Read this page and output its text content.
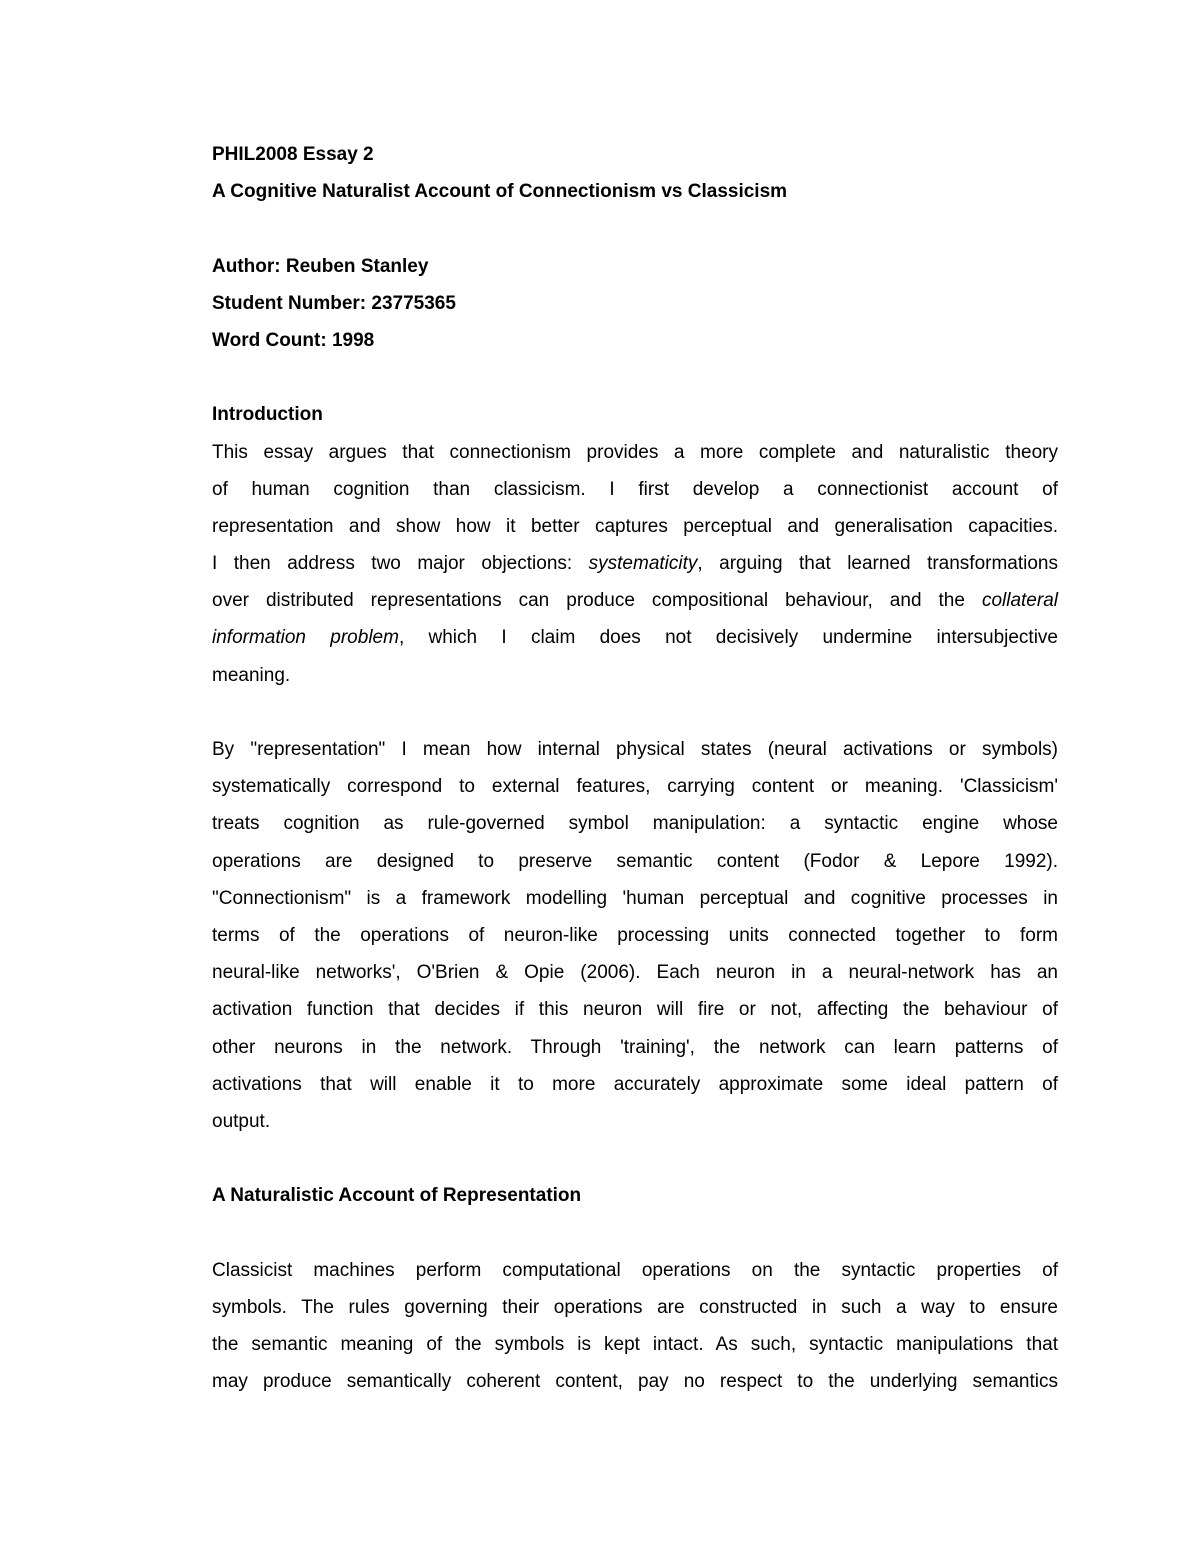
PHIL2008 Essay 2
A Cognitive Naturalist Account of Connectionism vs Classicism
Author: Reuben Stanley
Student Number: 23775365
Word Count: 1998
Introduction
This essay argues that connectionism provides a more complete and naturalistic theory
of human cognition than classicism. I first develop a connectionist account of
representation and show how it better captures perceptual and generalisation capacities.
I then address two major objections: systematicity, arguing that learned transformations
over distributed representations can produce compositional behaviour, and the collateral
information problem, which I claim does not decisively undermine intersubjective
meaning.
By "representation" I mean how internal physical states (neural activations or symbols)
systematically correspond to external features, carrying content or meaning. 'Classicism'
treats cognition as rule-governed symbol manipulation: a syntactic engine whose
operations are designed to preserve semantic content (Fodor & Lepore 1992).
"Connectionism" is a framework modelling 'human perceptual and cognitive processes in
terms of the operations of neuron-like processing units connected together to form
neural-like networks', O'Brien & Opie (2006). Each neuron in a neural-network has an
activation function that decides if this neuron will fire or not, affecting the behaviour of
other neurons in the network. Through 'training', the network can learn patterns of
activations that will enable it to more accurately approximate some ideal pattern of
output.
A Naturalistic Account of Representation
Classicist machines perform computational operations on the syntactic properties of
symbols. The rules governing their operations are constructed in such a way to ensure
the semantic meaning of the symbols is kept intact. As such, syntactic manipulations that
may produce semantically coherent content, pay no respect to the underlying semantics
